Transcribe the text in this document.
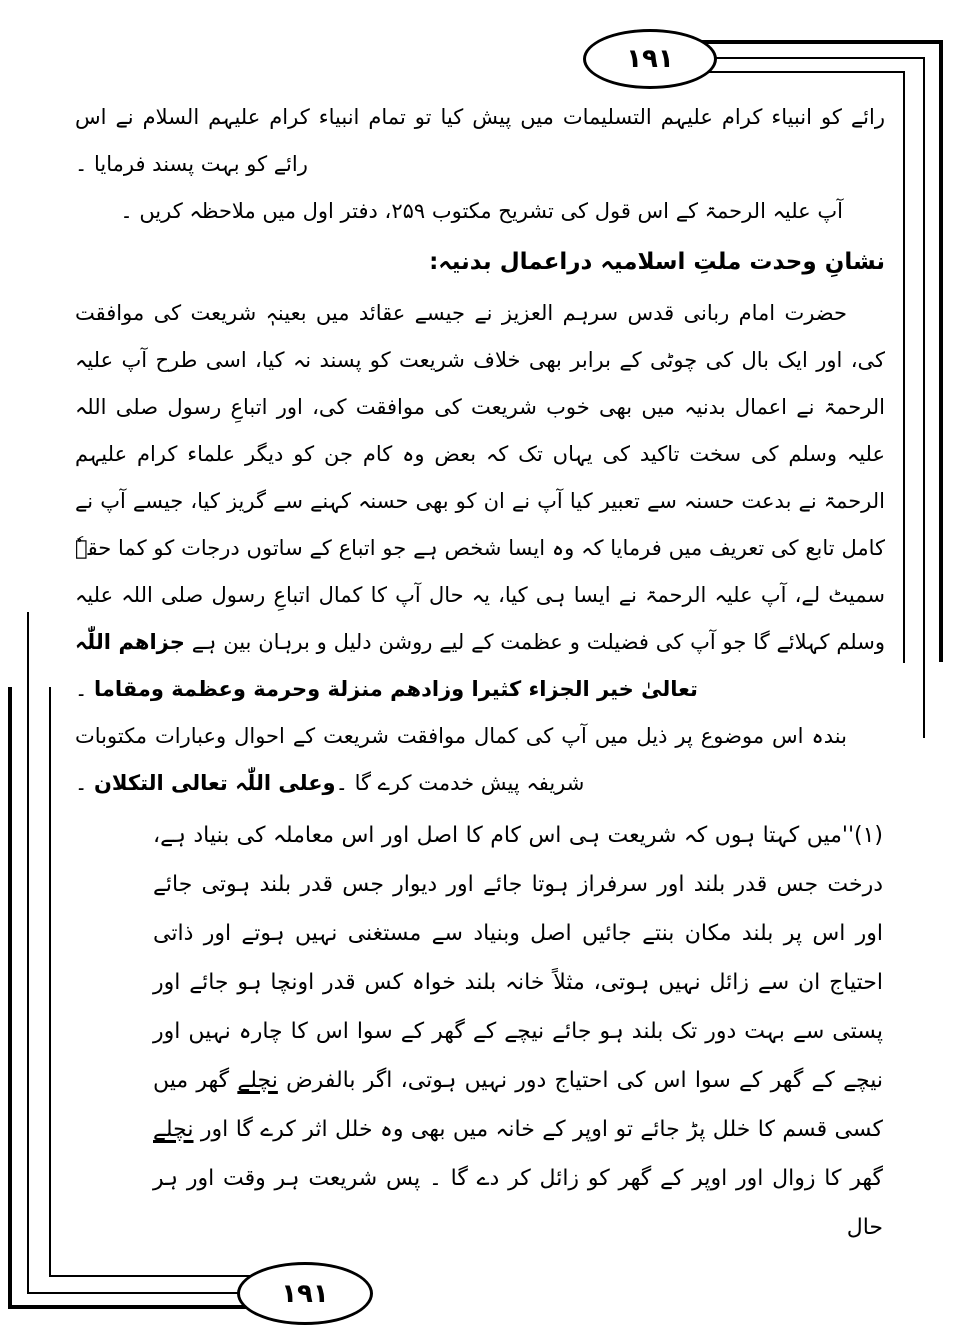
۱۹۱
۱۹۱

رائے کو انبیاء کرام علیہم التسلیمات میں پیش کیا تو تمام انبیاء کرام علیہم السلام نے اس رائے کو بہت پسند فرمایا ۔

آپ علیہ الرحمۃ کے اس قول کی تشریح مکتوب ۲۵۹، دفتر اول میں ملاحظہ کریں ۔

نشانِ وحدت ملتِ اسلامیہ دراعمال بدنیہ:

حضرت امام ربانی قدس سرہم العزیز نے جیسے عقائد میں بعینہٖ شریعت کی موافقت کی، اور ایک بال کی چوٹی کے برابر بھی خلاف شریعت کو پسند نہ کیا، اسی طرح آپ علیہ الرحمۃ نے اعمال بدنیہ میں بھی خوب شریعت کی موافقت کی، اور اتباعِ رسول صلی اللہ علیہ وسلم کی سخت تاکید کی یہاں تک کہ بعض وہ کام جن کو دیگر علماء کرام علیہم الرحمۃ نے بدعت حسنہ سے تعبیر کیا آپ نے ان کو بھی حسنہ کہنے سے گریز کیا، جیسے آپ نے کامل تابع کی تعریف میں فرمایا کہ وہ ایسا شخص ہے جو اتباع کے ساتوں درجات کو کما حقہٗ سمیٹ لے، آپ علیہ الرحمۃ نے ایسا ہی کیا، یہ حال آپ کا کمال اتباعِ رسول صلی اللہ علیہ وسلم کہلائے گا جو آپ کی فضیلت و عظمت کے لیے روشن دلیل و برہان بین ہے جزاھم اللّٰہ تعالیٰ خیر الجزاء کثیرا وزادھم منزلة وحرمة وعظمة ومقاما ۔

بندہ اس موضوع پر ذیل میں آپ کی کمال موافقت شریعت کے احوال وعبارات مکتوبات شریفہ پیش خدمت کرے گا ۔وعلی اللّٰہ تعالی التکلان ۔

(۱)''میں کہتا ہوں کہ شریعت ہی اس کام کا اصل اور اس معاملہ کی بنیاد ہے، درخت جس قدر بلند اور سرفراز ہوتا جائے اور دیوار جس قدر بلند ہوتی جائے اور اس پر بلند مکان بنتے جائیں اصل وبنیاد سے مستغنی نہیں ہوتے اور ذاتی احتیاج ان سے زائل نہیں ہوتی، مثلاً خانہ بلند خواہ کس قدر اونچا ہو جائے اور پستی سے بہت دور تک بلند ہو جائے نیچے کے گھر کے سوا اس کا چارہ نہیں اور نیچے کے گھر کے سوا اس کی احتیاج دور نہیں ہوتی، اگر بالفرض نچلے گھر میں کسی قسم کا خلل پڑ جائے تو اوپر کے خانہ میں بھی وہ خلل اثر کرے گا اور نچلے گھر کا زوال اور اوپر کے گھر کو زائل کر دے گا ۔ پس شریعت ہر وقت اور ہر حال
